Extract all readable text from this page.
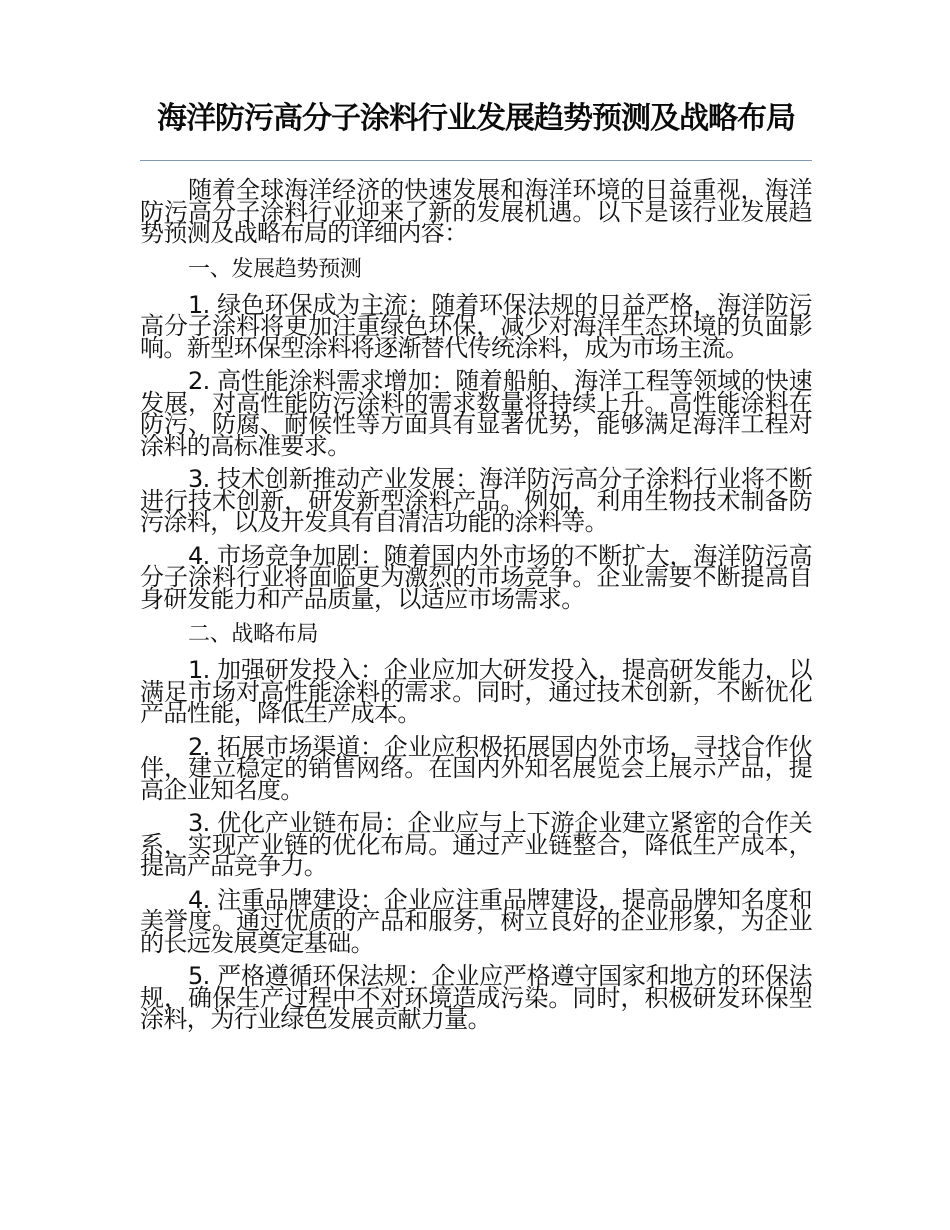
海洋防污高分子涂料行业发展趋势预测及战略布局

随着全球海洋经济的快速发展和海洋环境的日益重视，海洋防污高分子涂料行业迎来了新的发展机遇。以下是该行业发展趋势预测及战略布局的详细内容：

一、发展趋势预测

1. 绿色环保成为主流：随着环保法规的日益严格，海洋防污高分子涂料将更加注重绿色环保，减少对海洋生态环境的负面影响。新型环保型涂料将逐渐替代传统涂料，成为市场主流。

2. 高性能涂料需求增加：随着船舶、海洋工程等领域的快速发展，对高性能防污涂料的需求数量将持续上升。高性能涂料在防污、防腐、耐候性等方面具有显著优势，能够满足海洋工程对涂料的高标准要求。

3. 技术创新推动产业发展：海洋防污高分子涂料行业将不断进行技术创新，研发新型涂料产品。例如，利用生物技术制备防污涂料，以及开发具有自清洁功能的涂料等。

4. 市场竞争加剧：随着国内外市场的不断扩大，海洋防污高分子涂料行业将面临更为激烈的市场竞争。企业需要不断提高自身研发能力和产品质量，以适应市场需求。

二、战略布局

1. 加强研发投入：企业应加大研发投入，提高研发能力，以满足市场对高性能涂料的需求。同时，通过技术创新，不断优化产品性能，降低生产成本。

2. 拓展市场渠道：企业应积极拓展国内外市场，寻找合作伙伴，建立稳定的销售网络。在国内外知名展览会上展示产品，提高企业知名度。

3. 优化产业链布局：企业应与上下游企业建立紧密的合作关系，实现产业链的优化布局。通过产业链整合，降低生产成本，提高产品竞争力。

4. 注重品牌建设：企业应注重品牌建设，提高品牌知名度和美誉度。通过优质的产品和服务，树立良好的企业形象，为企业的长远发展奠定基础。

5. 严格遵循环保法规：企业应严格遵守国家和地方的环保法规，确保生产过程中不对环境造成污染。同时，积极研发环保型涂料，为行业绿色发展贡献力量。
